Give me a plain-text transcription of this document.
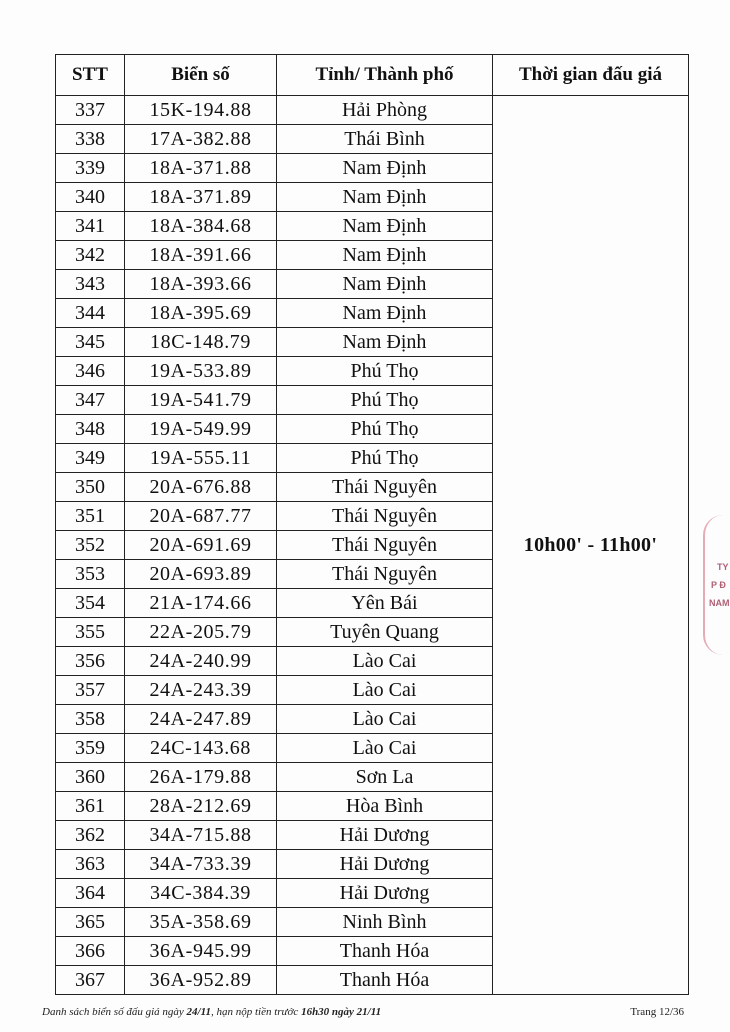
STT	Biển số	Tỉnh/ Thành phố	Thời gian đấu giá
337	15K-194.88	Hải Phòng	10h00' - 11h00'
338	17A-382.88	Thái Bình	
339	18A-371.88	Nam Định	
340	18A-371.89	Nam Định	
341	18A-384.68	Nam Định	
342	18A-391.66	Nam Định	
343	18A-393.66	Nam Định	
344	18A-395.69	Nam Định	
345	18C-148.79	Nam Định	
346	19A-533.89	Phú Thọ	
347	19A-541.79	Phú Thọ	
348	19A-549.99	Phú Thọ	
349	19A-555.11	Phú Thọ	
350	20A-676.88	Thái Nguyên	
351	20A-687.77	Thái Nguyên	
352	20A-691.69	Thái Nguyên	
353	20A-693.89	Thái Nguyên	
354	21A-174.66	Yên Bái	
355	22A-205.79	Tuyên Quang	
356	24A-240.99	Lào Cai	
357	24A-243.39	Lào Cai	
358	24A-247.89	Lào Cai	
359	24C-143.68	Lào Cai	
360	26A-179.88	Sơn La	
361	28A-212.69	Hòa Bình	
362	34A-715.88	Hải Dương	
363	34A-733.39	Hải Dương	
364	34C-384.39	Hải Dương	
365	35A-358.69	Ninh Bình	
366	36A-945.99	Thanh Hóa	
367	36A-952.89	Thanh Hóa	
Danh sách biển số đấu giá ngày 24/11, hạn nộp tiền trước 16h30 ngày 21/11	Trang 12/36
TY
P Đ
NAM
